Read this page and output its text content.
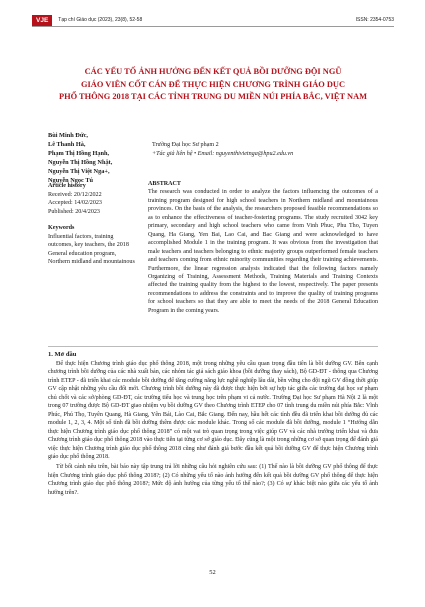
VJE	Tạp chí Giáo dục (2023), 23(8), 52-58	ISSN: 2354-0753
CÁC YẾU TỐ ẢNH HƯỞNG ĐẾN KẾT QUẢ BỒI DƯỠNG ĐỘI NGŨ
GIÁO VIÊN CỐT CÁN ĐỂ THỰC HIỆN CHƯƠNG TRÌNH GIÁO DỤC
PHỔ THÔNG 2018 TẠI CÁC TỈNH TRUNG DU MIỀN NÚI PHÍA BẮC, VIỆT NAM
Bùi Minh Đức,
Lê Thanh Hà,
Phạm Thị Hồng Hạnh,
Nguyễn Thị Hồng Nhật,
Nguyễn Thị Việt Nga+,
Nguyễn Ngọc Tú
Trường Đại học Sư phạm 2
+Tác giả liên hệ • Email: nguyenthivietnga@hpu2.edu.vn
Article history
Received: 20/12/2022
Accepted: 14/02/2023
Published: 20/4/2023
Keywords
Influential factors, training outcomes, key teachers, the 2018 General education program, Northern midland and mountainous
ABSTRACT
The research was conducted in order to analyze the factors influencing the outcomes of a training program designed for high school teachers in Northern midland and mountainous provinces. On the basis of the analysis, the researchers proposed feasible recommendations so as to enhance the effectiveness of teacher-fostering programs. The study recruited 3042 key primary, secondary and high school teachers who came from Vinh Phuc, Phu Tho, Tuyen Quang, Ha Giang, Yen Bai, Lao Cai, and Bac Giang and were acknowledged to have accomplished Module 1 in the training program. It was obvious from the investigation that male teachers and teachers belonging to ethnic majority groups outperformed female teachers and teachers coming from ethnic minority communities regarding their training achievements. Furthermore, the linear regression analysis indicated that the following factors namely Organizing of Training, Assessment Methods, Training Materials and Training Contexts affected the training quality from the highest to the lowest, respectively. The paper presents recommendations to address the constraints and to improve the quality of training programs for school teachers so that they are able to meet the needs of the 2018 General Education Program in the coming years.
1. Mở đầu

Để thực hiện Chương trình giáo dục phổ thông 2018, một trong những yêu cầu quan trọng đầu tiên là bồi dưỡng GV. Bên cạnh chương trình bồi dưỡng của các nhà xuất bản, các nhóm tác giả sách giáo khoa (bồi dưỡng thay sách), Bộ GD-ĐT - thông qua Chương trình ETEP - đã triển khai các module bồi dưỡng để tăng cường năng lực nghề nghiệp lâu dài, bền vững cho đội ngũ GV đồng thời giúp GV cập nhật những yêu cầu đổi mới. Chương trình bồi dưỡng này đã được thực hiện bởi sự hợp tác giữa các trường đại học sư phạm chủ chốt và các sở/phòng GD-ĐT, các trường tiểu học và trung học trên phạm vi cả nước. Trường Đại học Sư phạm Hà Nội 2 là một trong 07 trường được Bộ GD-ĐT giao nhiệm vụ bồi dưỡng GV theo Chương trình ETEP cho 07 tỉnh trung du miền núi phía Bắc: Vĩnh Phúc, Phú Thọ, Tuyên Quang, Hà Giang, Yên Bái, Lào Cai, Bắc Giang. Đến nay, hầu hết các tỉnh đều đã triển khai bồi dưỡng đủ các module 1, 2, 3, 4. Một số tỉnh đã bồi dưỡng thêm được các module khác. Trong số các module đã bồi dưỡng, module 1 “Hướng dẫn thực hiện Chương trình giáo dục phổ thông 2018” có một vai trò quan trọng trong việc giúp GV và các nhà trường triển khai và đưa Chương trình giáo dục phổ thông 2018 vào thực tiễn tại từng cơ sở giáo dục. Đây cũng là một trong những cơ sở quan trọng để đánh giá việc thực hiện Chương trình giáo dục phổ thông 2018 cũng như đánh giá bước đầu kết quả bồi dưỡng GV để thực hiện Chương trình giáo dục phổ thông 2018.

Từ bối cảnh nêu trên, bài báo này tập trung trả lời những câu hỏi nghiên cứu sau: (1) Thế nào là bồi dưỡng GV phổ thông để thực hiện Chương trình giáo dục phổ thông 2018?; (2) Có những yếu tố nào ảnh hưởng đến kết quả bồi dưỡng GV phổ thông để thực hiện Chương trình giáo dục phổ thông 2018?; Mức độ ảnh hưởng của từng yếu tố thế nào?; (3) Có sự khác biệt nào giữa các yếu tố ảnh hưởng trên?.

52
